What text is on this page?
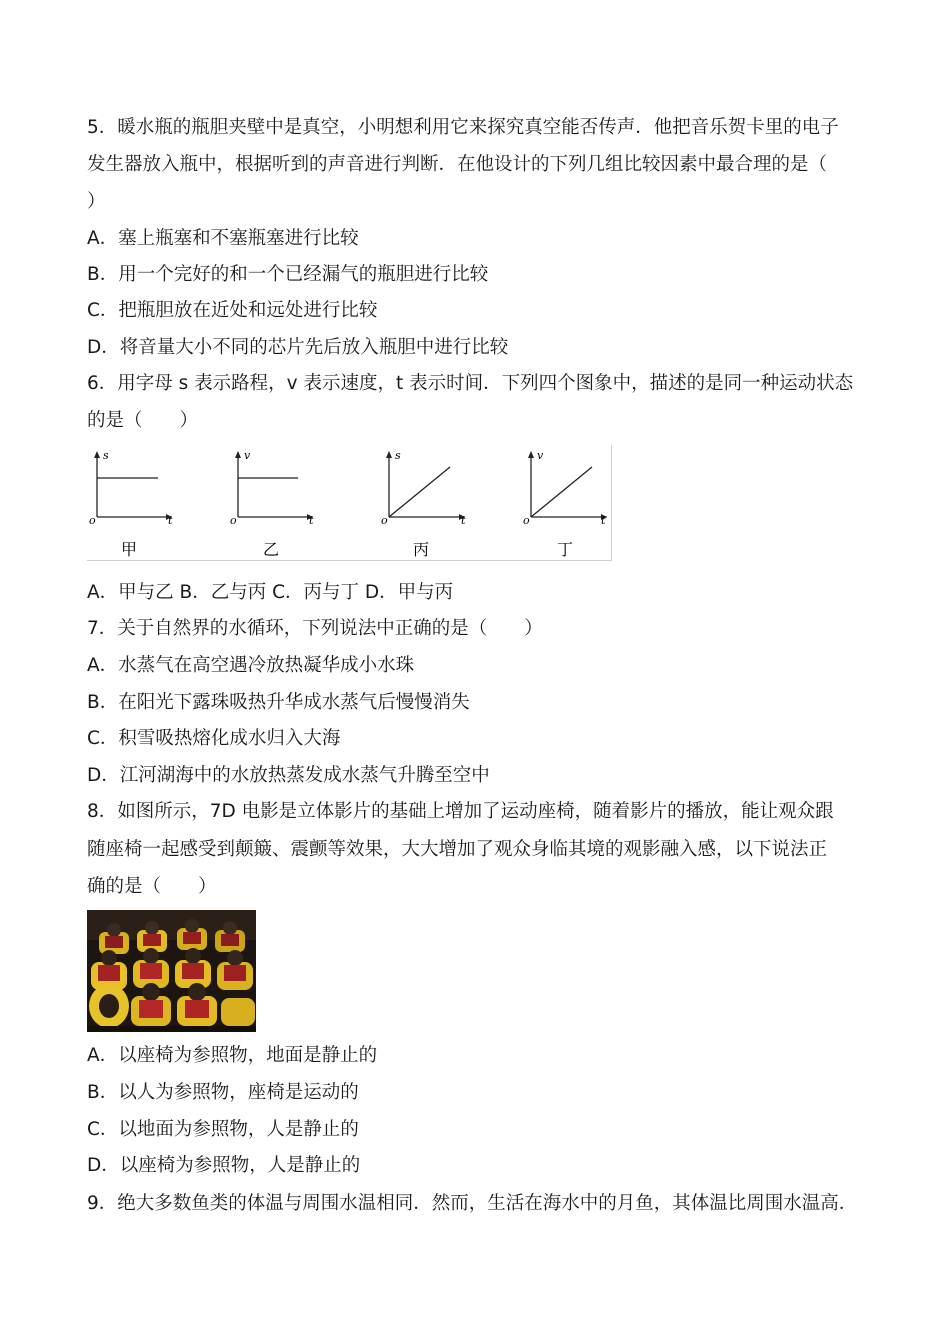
5．暖水瓶的瓶胆夹壁中是真空，小明想利用它来探究真空能否传声．他把音乐贺卡里的电子
发生器放入瓶中，根据听到的声音进行判断．在他设计的下列几组比较因素中最合理的是（
）
A．塞上瓶塞和不塞瓶塞进行比较
B．用一个完好的和一个已经漏气的瓶胆进行比较
C．把瓶胆放在近处和远处进行比较
D．将音量大小不同的芯片先后放入瓶胆中进行比较
6．用字母 s 表示路程，v 表示速度，t 表示时间．下列四个图象中，描述的是同一种运动状态
的是（　　）
s
t
o
甲
v
t
o
乙
s
t
o
丙
v
t
o
丁
A．甲与乙 B．乙与丙 C．丙与丁 D．甲与丙
7．关于自然界的水循环，下列说法中正确的是（　　）
A．水蒸气在高空遇冷放热凝华成小水珠
B．在阳光下露珠吸热升华成水蒸气后慢慢消失
C．积雪吸热熔化成水归入大海
D．江河湖海中的水放热蒸发成水蒸气升腾至空中
8．如图所示，7D 电影是立体影片的基础上增加了运动座椅，随着影片的播放，能让观众跟
随座椅一起感受到颠簸、震颤等效果，大大增加了观众身临其境的观影融入感，以下说法正
确的是（　　）
A．以座椅为参照物，地面是静止的
B．以人为参照物，座椅是运动的
C．以地面为参照物，人是静止的
D．以座椅为参照物，人是静止的
9．绝大多数鱼类的体温与周围水温相同．然而，生活在海水中的月鱼，其体温比周围水温高．
